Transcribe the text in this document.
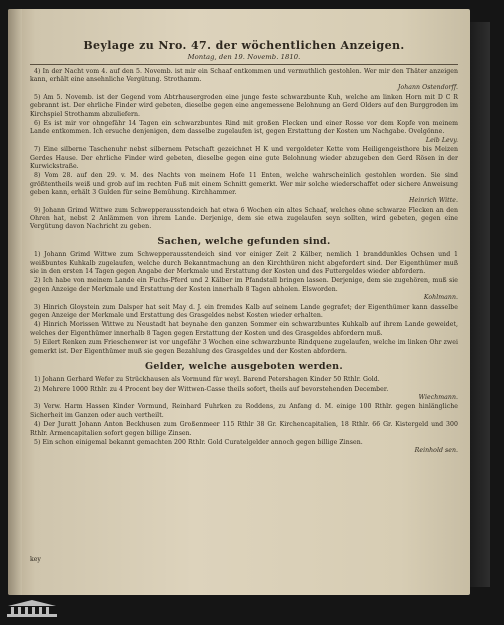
Beylage zu Nro. 47. der wöchentlichen Anzeigen.
Montag, den 19. Novemb. 1810.

4) In der Nacht vom 4. auf den 5. Novemb. ist mir ein Schaaf entkommen und vermuthlich gestohlen. Wer mir den Thäter anzeigen kann, erhält eine ansehnliche Vergütung. Strothamm.
Johann Ostendorff.

5) Am 5. Novemb. ist der Gegend vom Abtrhausergroden eine junge feste schwarzbunte Kuh, welche am linken Horn mit D C R gebrannt ist. Der ehrliche Finder wird gebeten, dieselbe gegen eine angemessene Belohnung an Gerd Olders auf den Burggroden im Kirchspiel Strothamm abzuliefern.

6) Es ist mir vor ohngefähr 14 Tagen ein schwarzbuntes Rind mit großen Flecken und einer Rosse vor dem Kopfe von meinem Lande entkommen. Ich ersuche denjenigen, dem dasselbe zugelaufen ist, gegen Erstattung der Kosten um Nachgabe. Ovelgönne.
Leib Levy.

7) Eine silberne Taschenuhr nebst silbernem Petschaft gezeichnet H K und vergoldeter Kette vom Heiligengeisthore bis Meizen Gerdes Hause. Der ehrliche Finder wird gebeten, dieselbe gegen eine gute Belohnung wieder abzugeben den Gerd Rösen in der Kurwickstraße.

8) Vom 28. auf den 29. v. M. des Nachts von meinem Hofe 11 Enten, welche wahrscheinlich gestohlen worden. Sie sind größtentheils weiß und grob auf im rechten Fuß mit einem Schnitt gemerkt. Wer mir solche wiederschaffet oder sichere Anweisung geben kann, erhält 3 Gulden für seine Bemühung. Kirchhammer.
Heinrich Witte.

9) Johann Grimd Wittwe zum Schwepperausstendeich hat etwa 6 Wochen ein altes Schaaf, welches ohne schwarze Flecken an den Ohren hat, nebst 2 Anlämmen von ihrem Lande. Derjenige, dem sie etwa zugelaufen seyn sollten, wird gebeten, gegen eine Vergütung davon Nachricht zu geben.

Sachen, welche gefunden sind.

1) Johann Grimd Wittwe zum Schwepperausstendeich sind vor einiger Zeit 2 Kälber, nemlich 1 branddunkles Ochsen und 1 weißbuntes Kuhkalb zugelaufen, welche durch Bekanntmachung an den Kirchthüren nicht abgefordert sind. Der Eigenthümer muß sie in den ersten 14 Tagen gegen Angabe der Merkmale und Erstattung der Kosten und des Futtergeldes wieder abfordern.

2) Ich habe von meinem Lande ein Fuchs-Pferd und 2 Kälber im Pfandstall bringen lassen. Derjenige, dem sie zugehören, muß sie gegen Anzeige der Merkmale und Erstattung der Kosten innerhalb 8 Tagen abholen. Elsworden.
Kohlmann.

3) Hinrich Gloystein zum Dalsper hat seit May d. J. ein fremdes Kalb auf seinem Lande gegrafet; der Eigenthümer kann dasselbe gegen Anzeige der Merkmale und Erstattung des Grasgeldes nebst Kosten wieder erhalten.

4) Hinrich Morissen Wittwe zu Neustadt hat beynahe den ganzen Sommer ein schwarzbuntes Kuhkalb auf ihrem Lande geweidet, welches der Eigenthümer innerhalb 8 Tagen gegen Erstattung der Kosten und des Grasgeldes abfordern muß.

5) Eilert Renken zum Frieschenwer ist vor ungefähr 3 Wochen eine schwarzbunte Rindquene zugelaufen, welche im linken Ohr zwei gemerkt ist. Der Eigenthümer muß sie gegen Bezahlung des Grasgeldes und der Kosten abfordern.

Gelder, welche ausgeboten werden.

1) Johann Gerhard Wefer zu Strückhausen als Vormund für weyl. Barend Petershagen Kinder 50 Rthlr. Gold.

2) Mehrere 1000 Rthlr. zu 4 Procent bey der Wittwen-Casse theils sofort, theils auf bevorstehenden December.
Wiechmann.

3) Verw. Harm Hassen Kinder Vormund, Reinhard Fuhrken zu Roddens, zu Anfang d. M. einige 100 Rthlr. gegen hinlängliche Sicherheit im Ganzen oder auch vertheilt.

4) Der Juratt Johann Anton Beckhusen zum Großenmeer 115 Rthlr 38 Gr. Kirchencapitalien, 18 Rthlr. 66 Gr. Kistergeld und 300 Rthlr. Armencapitalien sofort gegen billige Zinsen.

5) Ein schon einigemal bekannt gemachten 200 Rthlr. Gold Curatelgelder annoch gegen billige Zinsen.
Reinhold sen.

key
